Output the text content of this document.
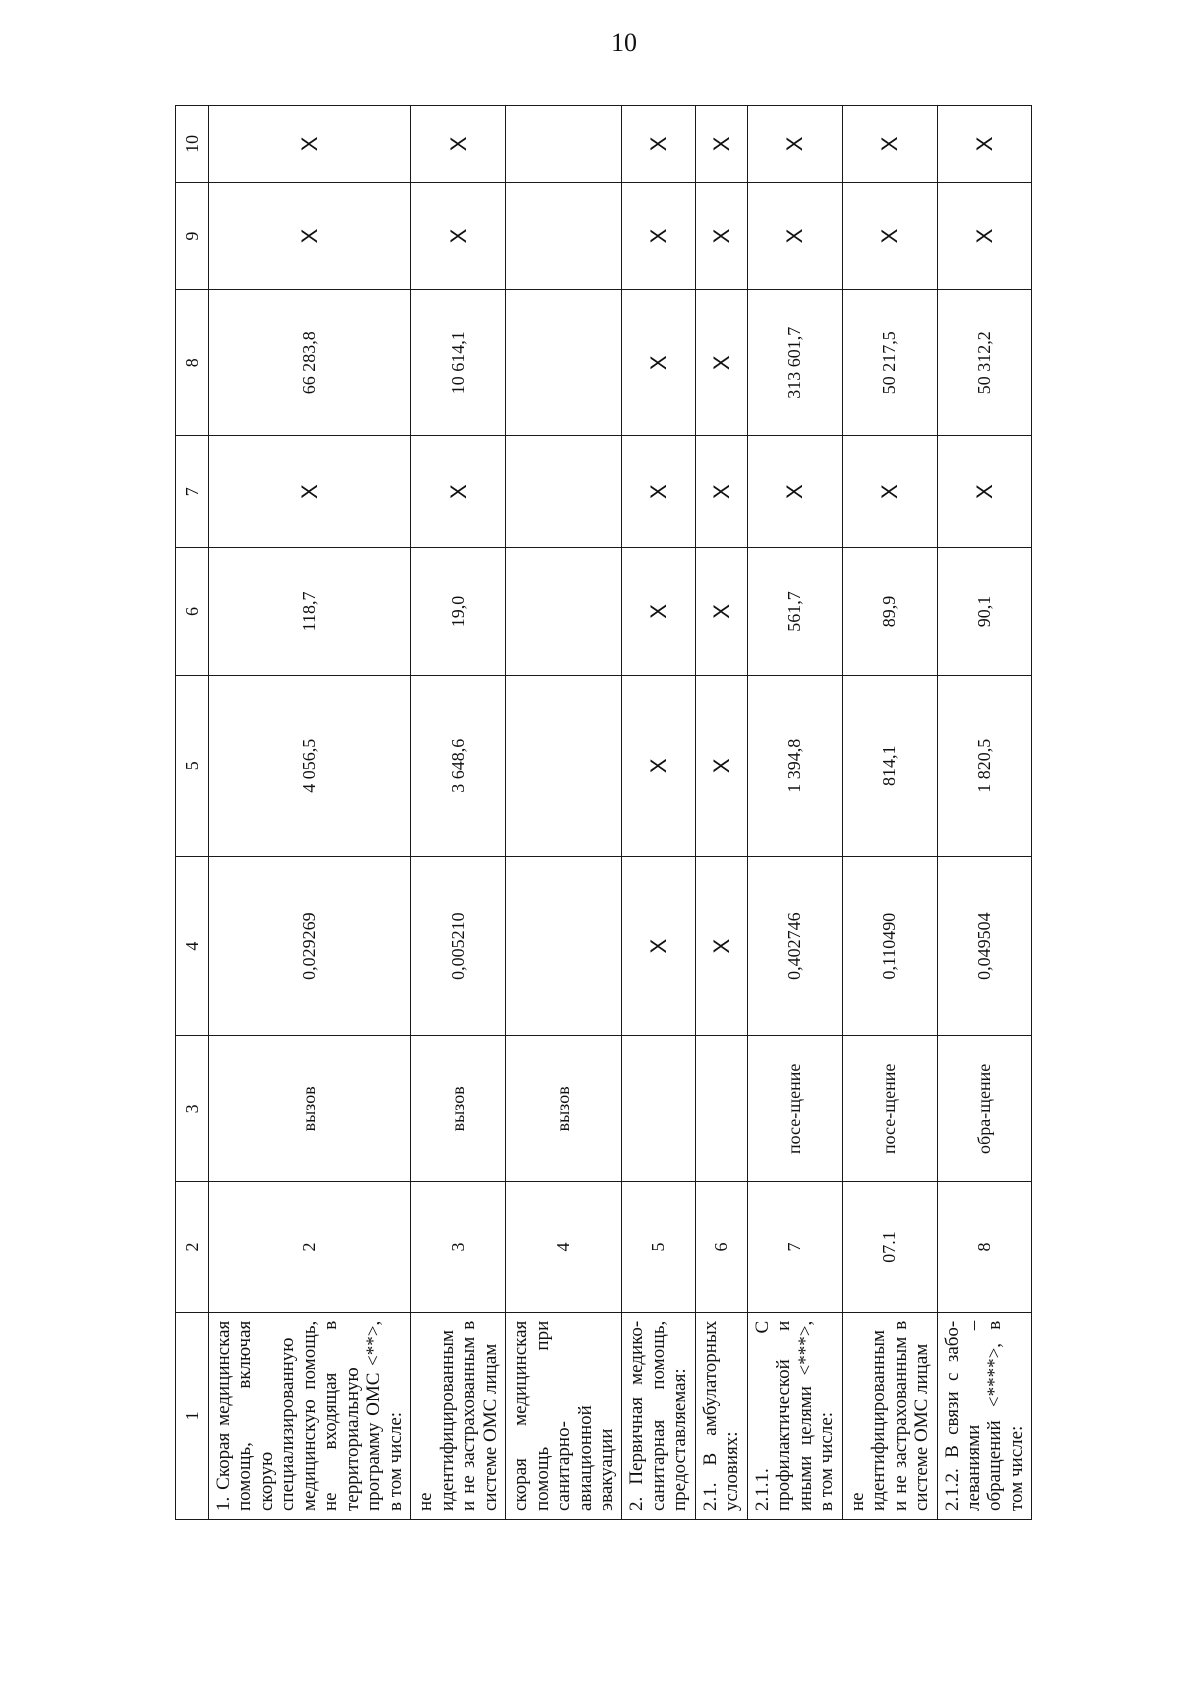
10
1	2	3	4	5	6	7	8	9	10
1. Скорая медицинская помощь, включая скорую специализированную медицинскую помощь, не входящая в территориальную программу ОМС <**>, в том числе:	2	вызов	0,029269	4 056,5	118,7	Х	66 283,8	Х	Х
не идентифицированным и не застрахованным в системе ОМС лицам	3	вызов	0,005210	3 648,6	19,0	Х	10 614,1	Х	Х
скорая медицинская помощь при санитарно-авиационной эвакуации	4	вызов							
2. Первичная медико-санитарная помощь, предоставляемая:	5		Х	Х	Х	Х	Х	Х	Х
2.1. В амбулаторных условиях:	6		Х	Х	Х	Х	Х	Х	Х
2.1.1. С профилактической и иными целями <***>, в том числе:	7	посе-щение	0,402746	1 394,8	561,7	Х	313 601,7	Х	Х
не идентифицированным и не застрахованным в системе ОМС лицам	07.1	посе-щение	0,110490	814,1	89,9	Х	50 217,5	Х	Х
2.1.2. В связи с забо-леваниями – обращений <****>, в том числе:	8	обра-щение	0,049504	1 820,5	90,1	Х	50 312,2	Х	Х
